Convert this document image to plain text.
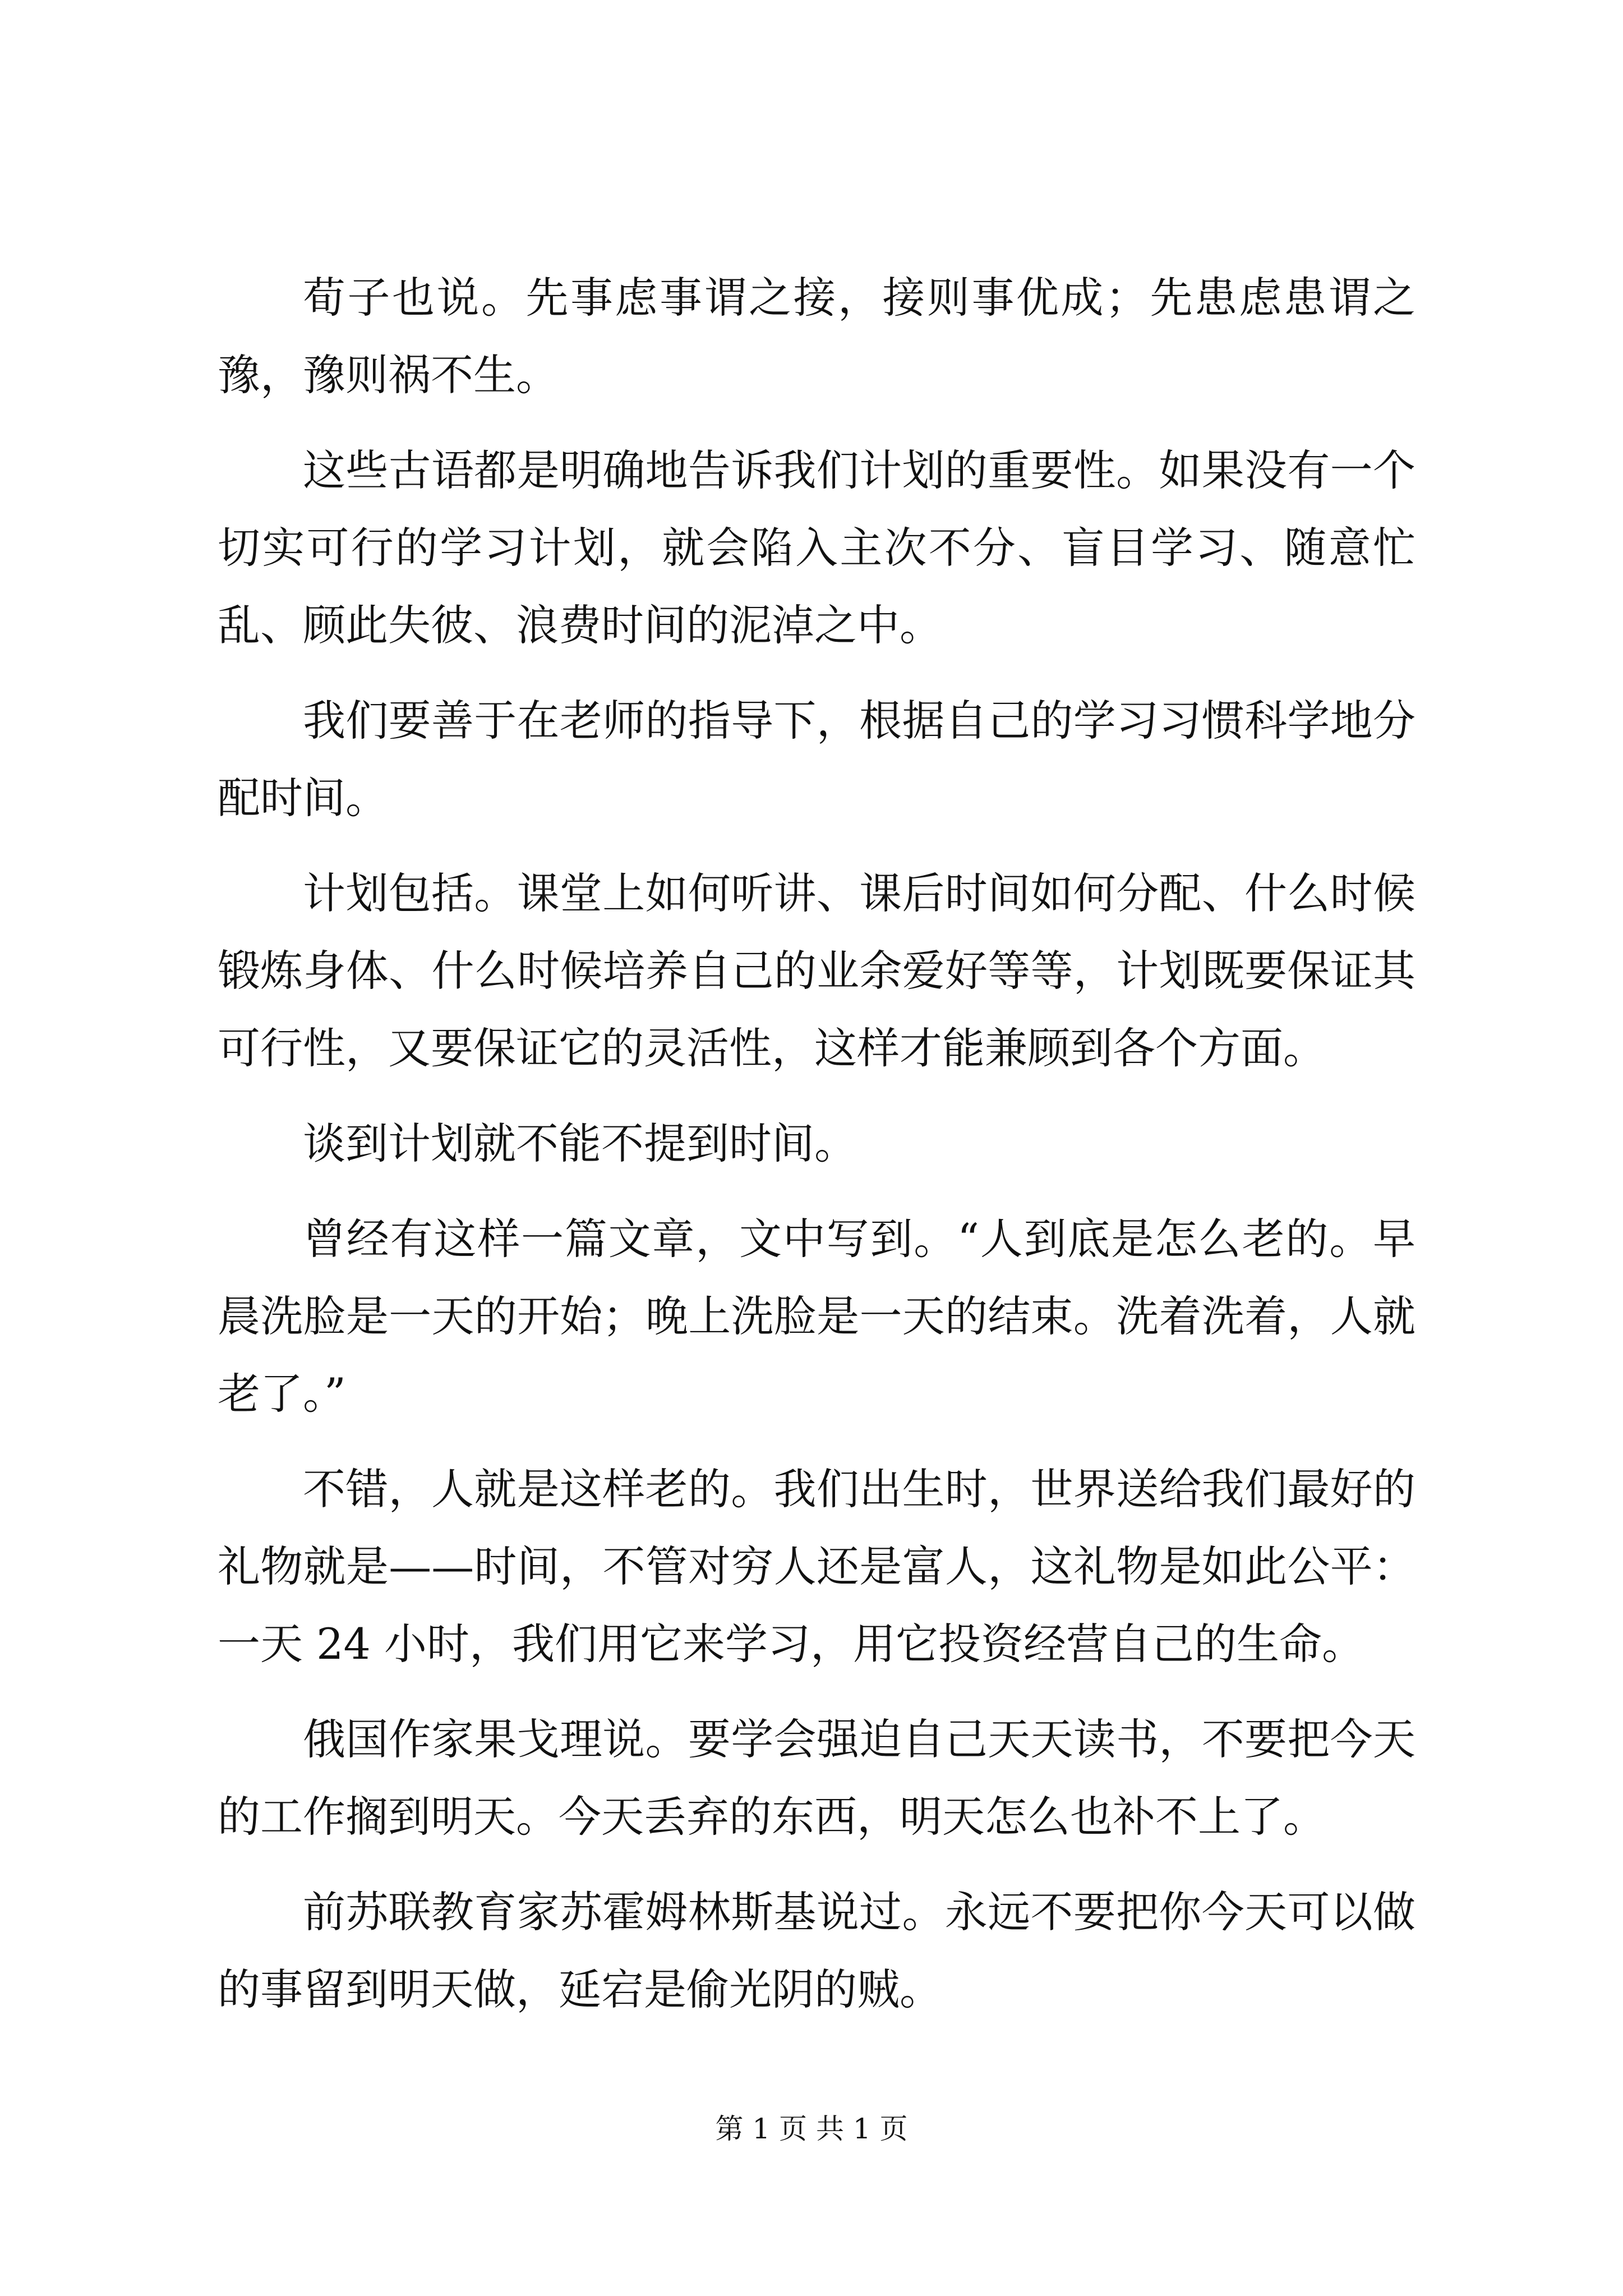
荀子也说。先事虑事谓之接，接则事优成；先患虑患谓之豫，豫则祸不生。

这些古语都是明确地告诉我们计划的重要性。如果没有一个切实可行的学习计划，就会陷入主次不分、盲目学习、随意忙乱、顾此失彼、浪费时间的泥淖之中。

我们要善于在老师的指导下，根据自己的学习习惯科学地分配时间。

计划包括。课堂上如何听讲、课后时间如何分配、什么时候锻炼身体、什么时候培养自己的业余爱好等等，计划既要保证其可行性，又要保证它的灵活性，这样才能兼顾到各个方面。

谈到计划就不能不提到时间。

曾经有这样一篇文章，文中写到。“人到底是怎么老的。早晨洗脸是一天的开始；晚上洗脸是一天的结束。洗着洗着，人就老了。”

不错，人就是这样老的。我们出生时，世界送给我们最好的礼物就是——时间，不管对穷人还是富人，这礼物是如此公平：一天 24 小时，我们用它来学习，用它投资经营自己的生命。

俄国作家果戈理说。要学会强迫自己天天读书，不要把今天的工作搁到明天。今天丢弃的东西，明天怎么也补不上了。

前苏联教育家苏霍姆林斯基说过。永远不要把你今天可以做的事留到明天做，延宕是偷光阴的贼。

第 1 页 共 1 页
